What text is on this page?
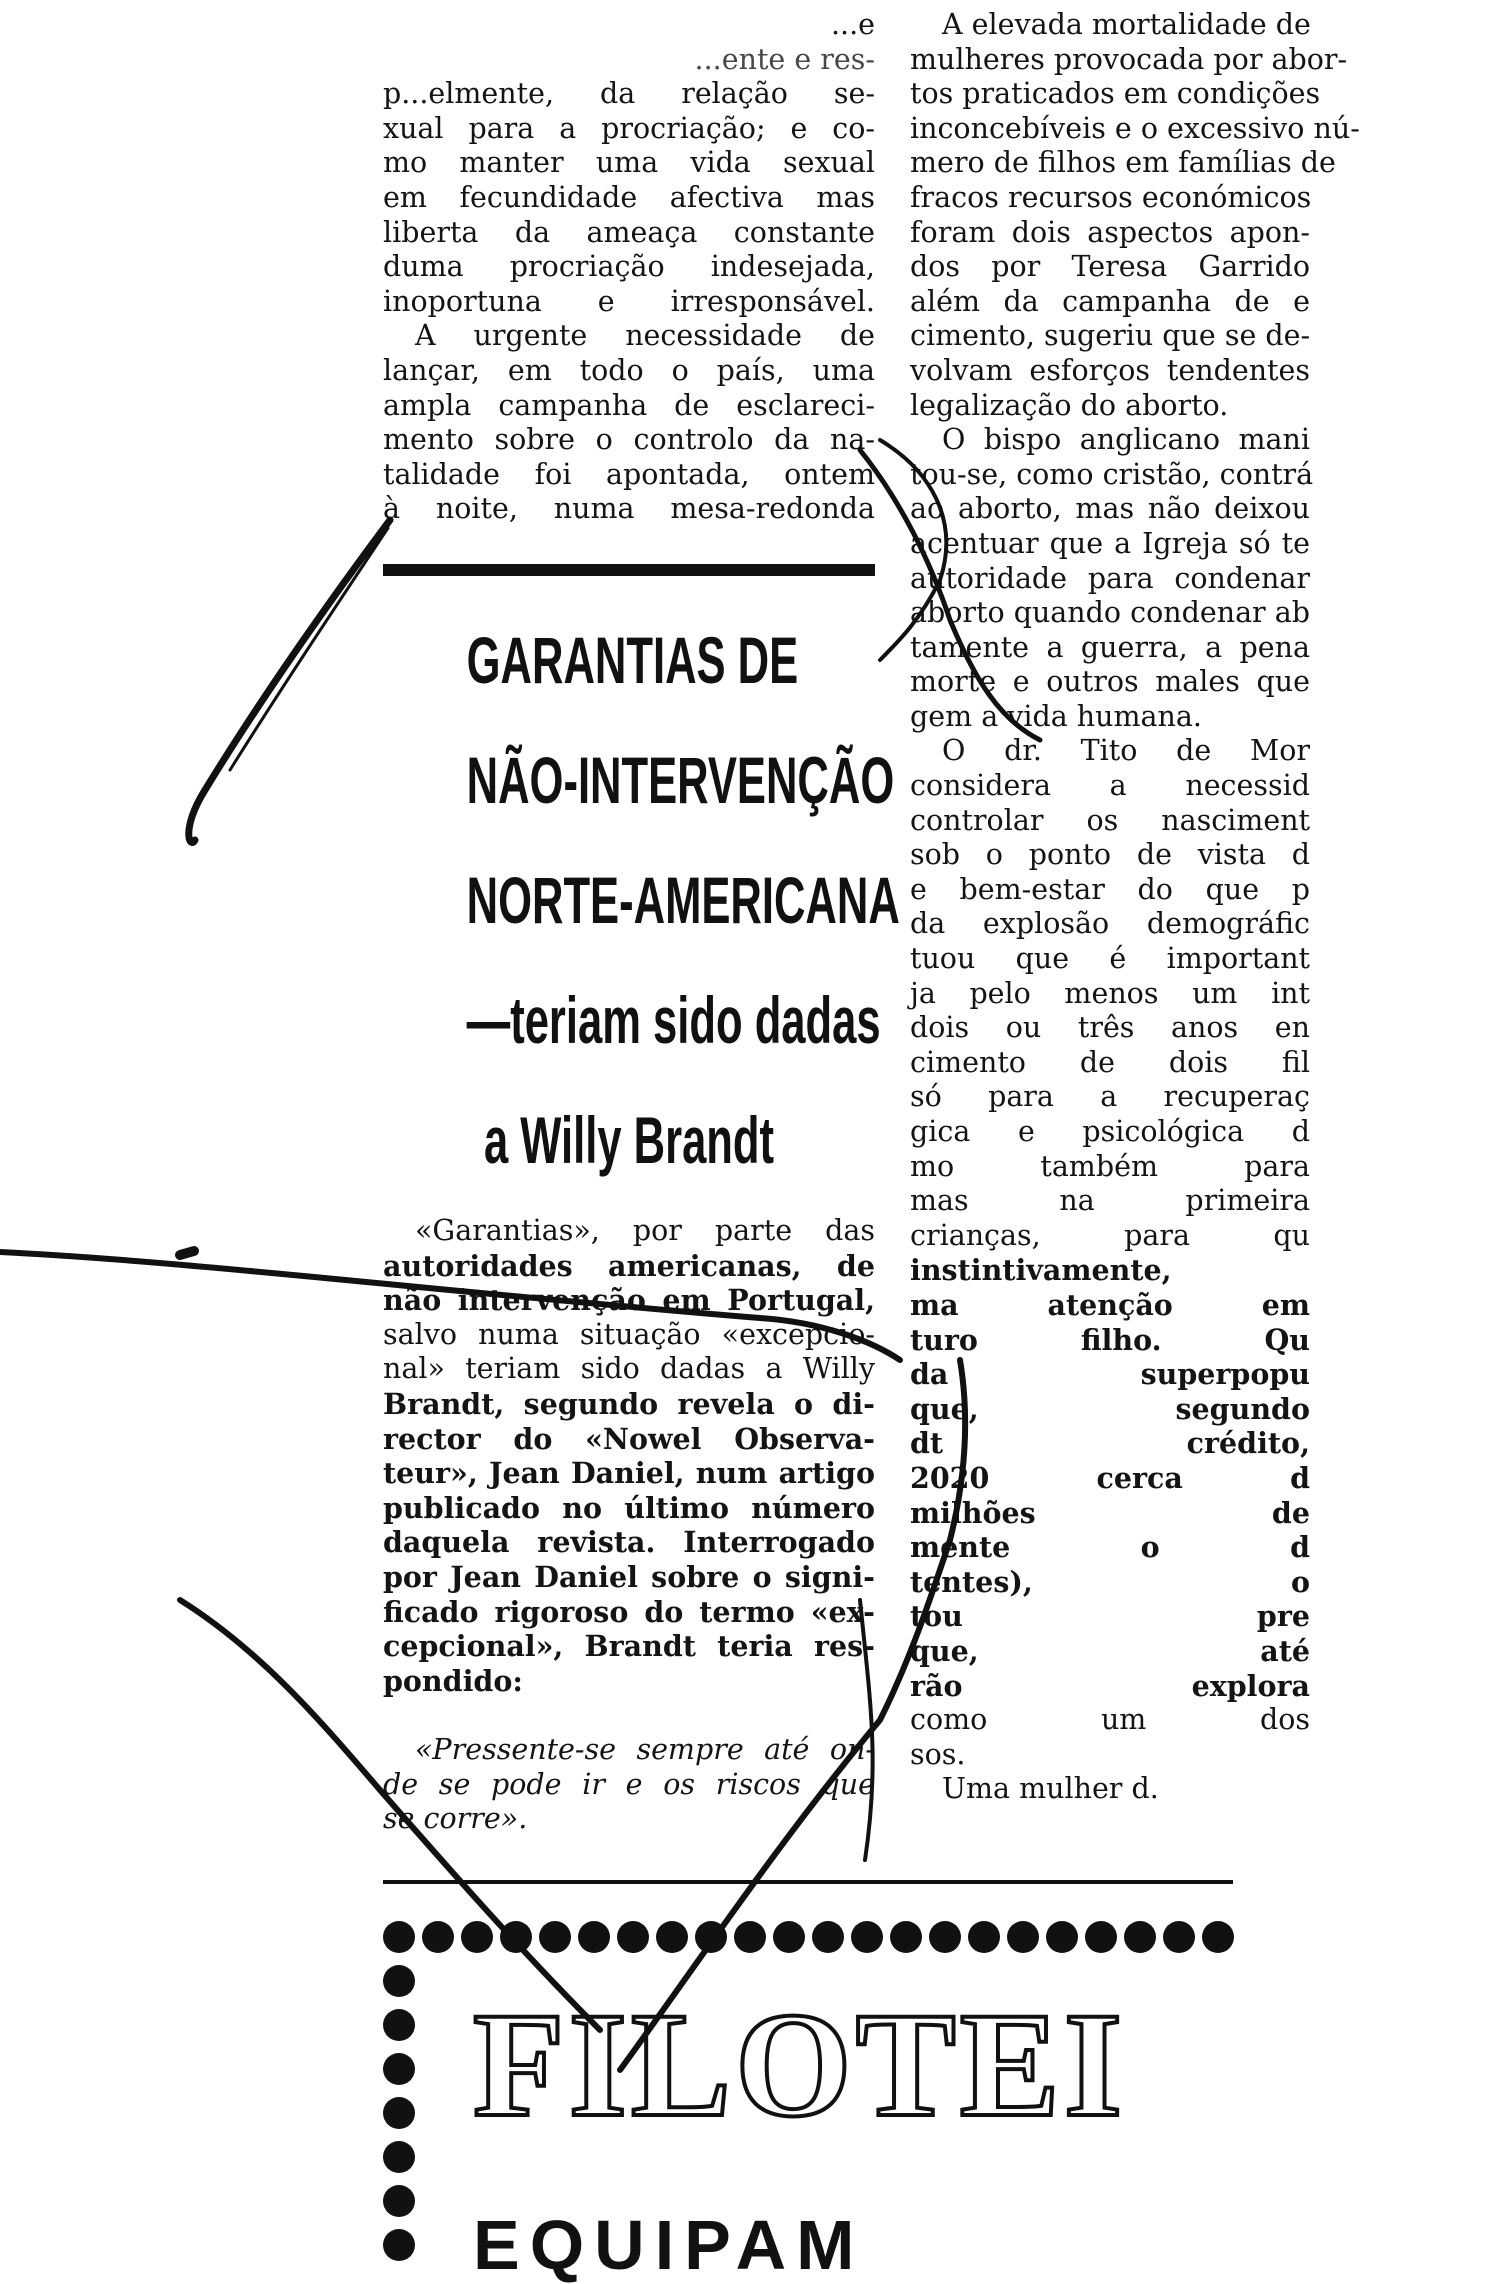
...e
...ente e res-
p...elmente, da relação se-
xual para a procriação; e co-
mo manter uma vida sexual
em fecundidade afectiva mas
liberta da ameaça constante
duma procriação indesejada,
inoportuna e irresponsável.
A urgente necessidade de
lançar, em todo o país, uma
ampla campanha de esclareci-
mento sobre o controlo da na-
talidade foi apontada, ontem
à noite, numa mesa-redonda
GARANTIAS DE
NÃO-INTERVENÇÃO
NORTE-AMERICANA
—teriam sido dadas
a Willy Brandt
«Garantias», por parte das
autoridades americanas, de
não intervenção em Portugal,
salvo numa situação «excepcio-
nal» teriam sido dadas a Willy
Brandt, segundo revela o di-
rector do «Nowel Observa-
teur», Jean Daniel, num artigo
publicado no último número
daquela revista. Interrogado
por Jean Daniel sobre o signi-
ficado rigoroso do termo «ex-
cepcional», Brandt teria res-
pondido:
«Pressente-se sempre até on-
de se pode ir e os riscos que
se corre».
A elevada mortalidade de
mulheres provocada por abor-
tos praticados em condições
inconcebíveis e o excessivo nú-
mero de filhos em famílias de
fracos recursos económicos
foram dois aspectos apon-
dos por Teresa Garrido
além da campanha de e
cimento, sugeriu que se de-
volvam esforços tendentes
legalização do aborto.
O bispo anglicano mani
tou-se, como cristão, contrá
ao aborto, mas não deixou
acentuar que a Igreja só te
autoridade para condenar
aborto quando condenar ab
tamente a guerra, a pena
morte e outros males que
gem a vida humana.
O dr. Tito de Mor
considera a necessid
controlar os nasciment
sob o ponto de vista d
e bem-estar do que p
da explosão demográfic
tuou que é important
ja pelo menos um int
dois ou três anos en
cimento de dois fil
só para a recuperaç
gica e psicológica d
mo também para
mas na primeira
crianças, para qu
instintivamente,
ma atenção em
turo filho. Qu
da superpopu
que, segundo
dt crédito,
2020 cerca d
milhões de
mente o d
tentes), o
tou pre
que, até
rão explora
como um dos
sos.
Uma mulher d.
FILOTEI
EQUIPAM
